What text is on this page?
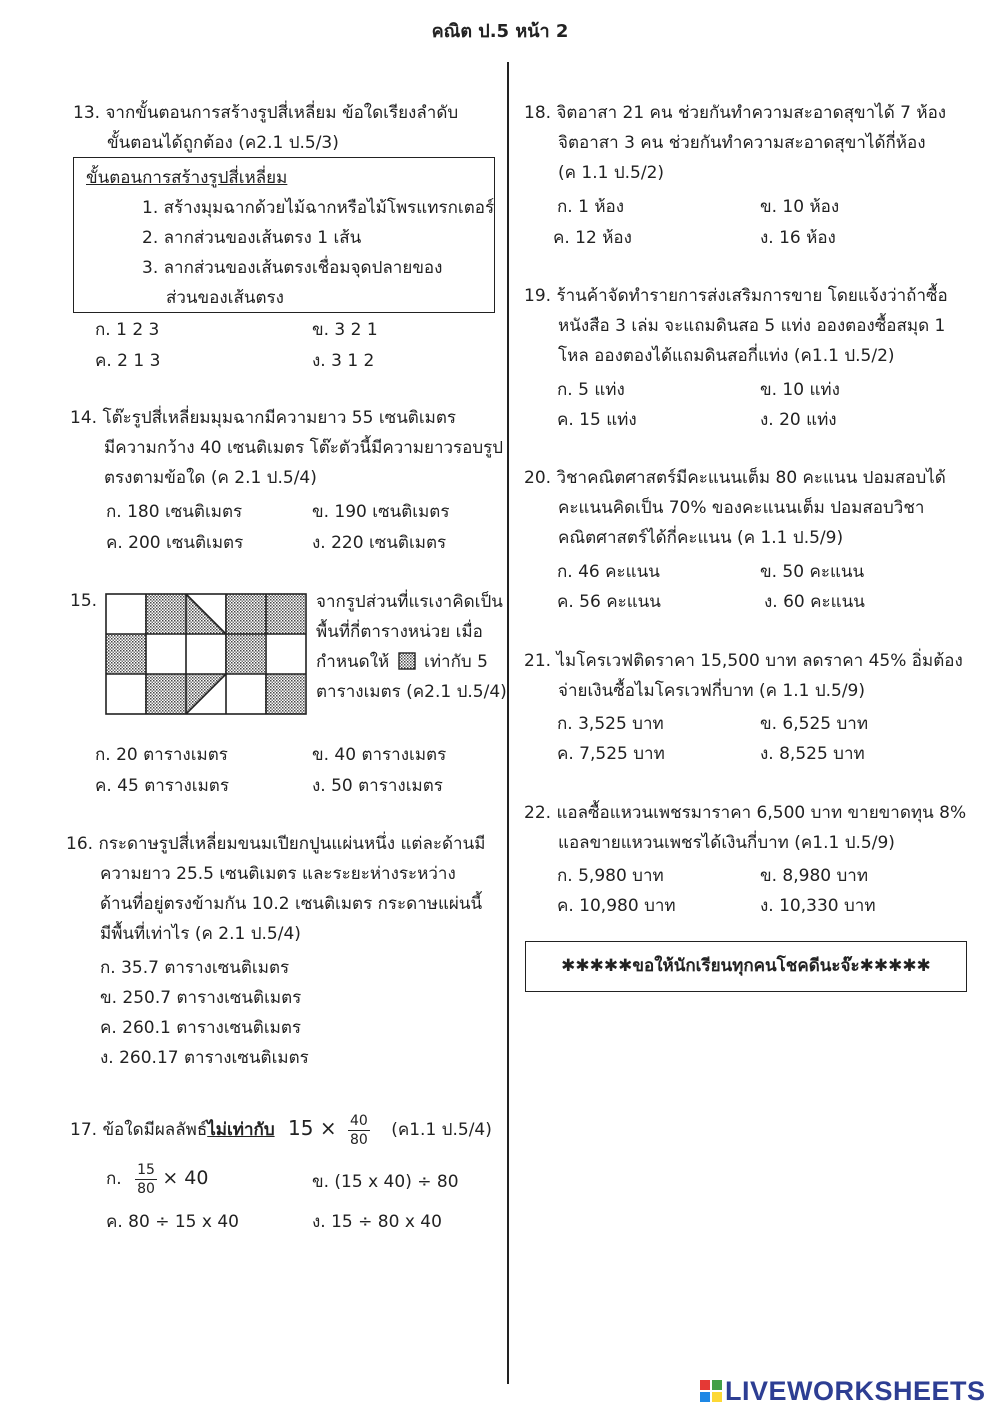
คณิต ป.5 หน้า 2
13. จากขั้นตอนการสร้างรูปสี่เหลี่ยม ข้อใดเรียงลำดับ
ขั้นตอนได้ถูกต้อง (ค2.1 ป.5/3)
ขั้นตอนการสร้างรูปสี่เหลี่ยม
1. สร้างมุมฉากด้วยไม้ฉากหรือไม้โพรแทรกเตอร์
2. ลากส่วนของเส้นตรง 1 เส้น
3. ลากส่วนของเส้นตรงเชื่อมจุดปลายของ
ส่วนของเส้นตรง
ก. 1 2 3	ข. 3 2 1
ค. 2 1 3	ง. 3 1 2
14. โต๊ะรูปสี่เหลี่ยมมุมฉากมีความยาว 55 เซนติเมตร
มีความกว้าง 40 เซนติเมตร โต๊ะตัวนี้มีความยาวรอบรูป
ตรงตามข้อใด (ค 2.1 ป.5/4)
ก. 180 เซนติเมตร	ข. 190 เซนติเมตร
ค. 200 เซนติเมตร	ง. 220 เซนติเมตร
15.	จากรูปส่วนที่แรเงาคิดเป็น
พื้นที่กี่ตารางหน่วย เมื่อ
กำหนดให้ เท่ากับ 5
ตารางเมตร (ค2.1 ป.5/4)
ก. 20 ตารางเมตร	ข. 40 ตารางเมตร
ค. 45 ตารางเมตร	ง. 50 ตารางเมตร
16. กระดาษรูปสี่เหลี่ยมขนมเปียกปูนแผ่นหนึ่ง แต่ละด้านมี
ความยาว 25.5 เซนติเมตร และระยะห่างระหว่าง
ด้านที่อยู่ตรงข้ามกัน 10.2 เซนติเมตร กระดาษแผ่นนี้
มีพื้นที่เท่าไร (ค 2.1 ป.5/4)
ก. 35.7 ตารางเซนติเมตร
ข. 250.7 ตารางเซนติเมตร
ค. 260.1 ตารางเซนติเมตร
ง. 260.17 ตารางเซนติเมตร
17. ข้อใดมีผลลัพธ์ไม่เท่ากับ $15 \times \frac{40}{80}$ (ค1.1 ป.5/4)
ก. $\frac{15}{80} \times 40$	ข. (15 x 40) ÷ 80
ค. 80 ÷ 15 x 40	ง. 15 ÷ 80 x 40
18. จิตอาสา 21 คน ช่วยกันทำความสะอาดสุขาได้ 7 ห้อง
จิตอาสา 3 คน ช่วยกันทำความสะอาดสุขาได้กี่ห้อง
(ค 1.1 ป.5/2)
ก. 1 ห้อง	ข. 10 ห้อง
ค. 12 ห้อง	ง. 16 ห้อง
19. ร้านค้าจัดทำรายการส่งเสริมการขาย โดยแจ้งว่าถ้าซื้อ
หนังสือ 3 เล่ม จะแถมดินสอ 5 แท่ง อองตองซื้อสมุด 1
โหล อองตองได้แถมดินสอกี่แท่ง (ค1.1 ป.5/2)
ก. 5 แท่ง	ข. 10 แท่ง
ค. 15 แท่ง	ง. 20 แท่ง
20. วิชาคณิตศาสตร์มีคะแนนเต็ม 80 คะแนน ปอมสอบได้
คะแนนคิดเป็น 70% ของคะแนนเต็ม ปอมสอบวิชา
คณิตศาสตร์ได้กี่คะแนน (ค 1.1 ป.5/9)
ก. 46 คะแนน	ข. 50 คะแนน
ค. 56 คะแนน	ง. 60 คะแนน
21. ไมโครเวฟติดราคา 15,500 บาท ลดราคา 45% อิ่มต้อง
จ่ายเงินซื้อไมโครเวฟกี่บาท (ค 1.1 ป.5/9)
ก. 3,525 บาท	ข. 6,525 บาท
ค. 7,525 บาท	ง. 8,525 บาท
22. แอลซื้อแหวนเพชรมาราคา 6,500 บาท ขายขาดทุน 8%
แอลขายแหวนเพชรได้เงินกี่บาท (ค1.1 ป.5/9)
ก. 5,980 บาท	ข. 8,980 บาท
ค. 10,980 บาท	ง. 10,330 บาท
✱✱✱✱✱ขอให้นักเรียนทุกคนโชคดีนะจ๊ะ✱✱✱✱✱
LIVEWORKSHEETS
